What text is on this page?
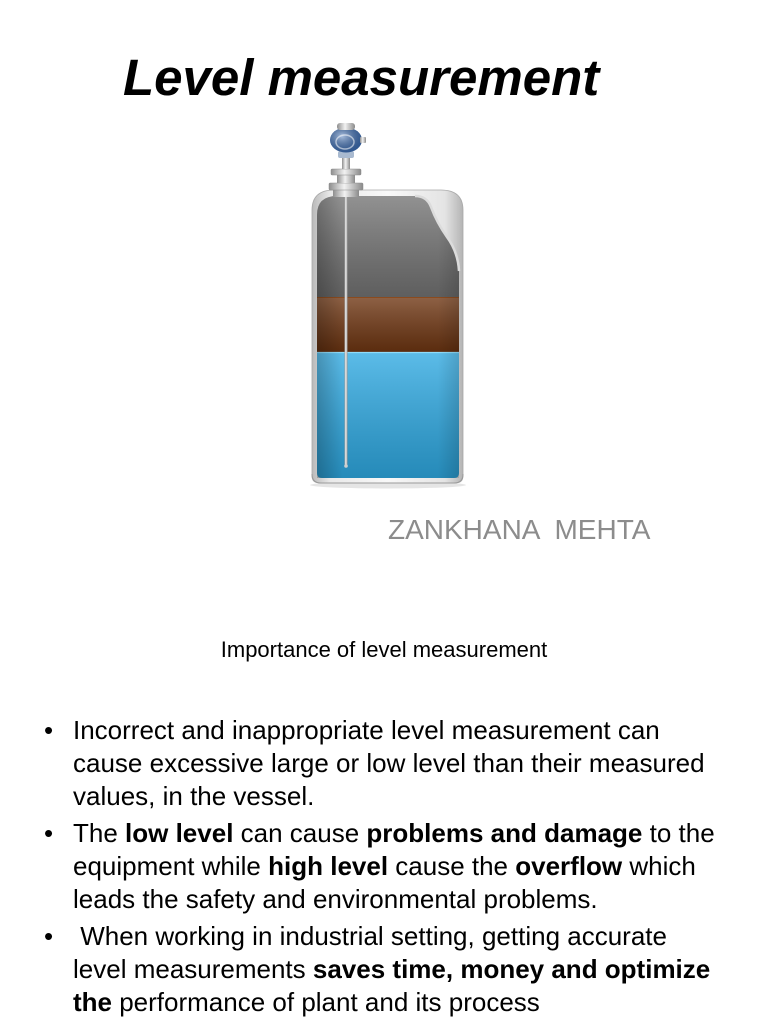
Level measurement
ZANKHANA  MEHTA
Importance of level measurement
• Incorrect and inappropriate level measurement can
cause excessive large or low level than their measured
values, in the vessel.
• The low level can cause problems and damage to the
equipment while high level cause the overflow which
leads the safety and environmental problems.
• When working in industrial setting, getting accurate
level measurements saves time, money and optimize
the performance of plant and its process
